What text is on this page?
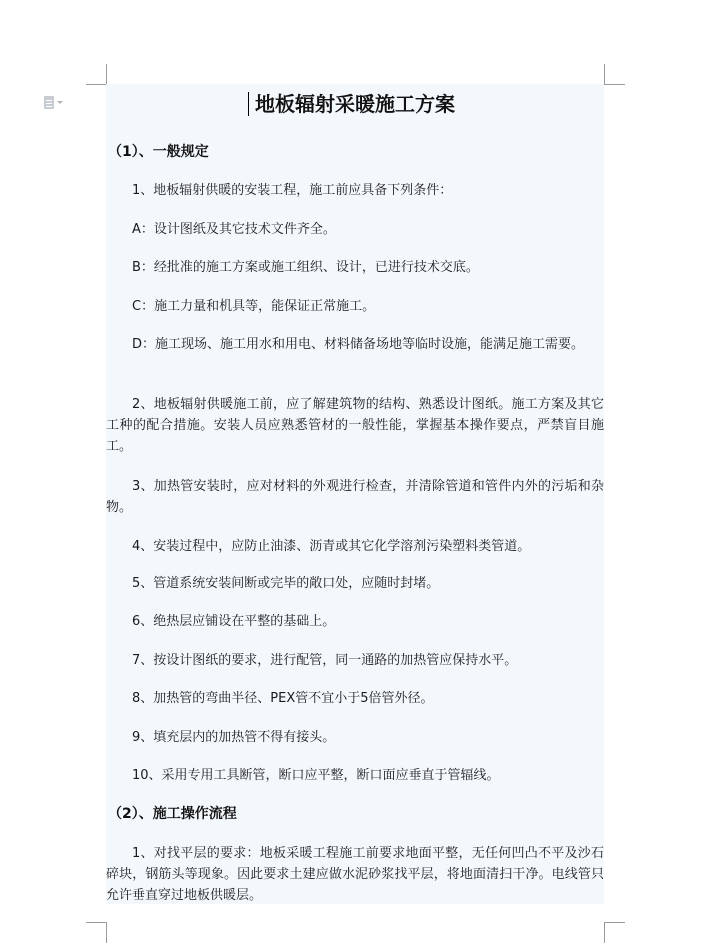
地板辐射采暖施工方案
（1）、一般规定

1、地板辐射供暖的安装工程，施工前应具备下列条件：

A：设计图纸及其它技术文件齐全。

B：经批准的施工方案或施工组织、设计，已进行技术交底。

C：施工力量和机具等，能保证正常施工。

D：施工现场、施工用水和用电、材料储备场地等临时设施，能满足施工需要。

2、地板辐射供暖施工前，应了解建筑物的结构、熟悉设计图纸。施工方案及其它工种的配合措施。安装人员应熟悉管材的一般性能，掌握基本操作要点，严禁盲目施工。

3、加热管安装时，应对材料的外观进行检查，并清除管道和管件内外的污垢和杂物。

4、安装过程中，应防止油漆、沥青或其它化学溶剂污染塑料类管道。

5、管道系统安装间断或完毕的敞口处，应随时封堵。

6、绝热层应铺设在平整的基础上。

7、按设计图纸的要求，进行配管，同一通路的加热管应保持水平。

8、加热管的弯曲半径、PEX管不宜小于5倍管外径。

9、填充层内的加热管不得有接头。

10、采用专用工具断管，断口应平整，断口面应垂直于管辐线。

（2）、施工操作流程

1、对找平层的要求：地板采暖工程施工前要求地面平整，无任何凹凸不平及沙石碎块，钢筋头等现象。因此要求土建应做水泥砂浆找平层，将地面清扫干净。电线管只允许垂直穿过地板供暖层。
